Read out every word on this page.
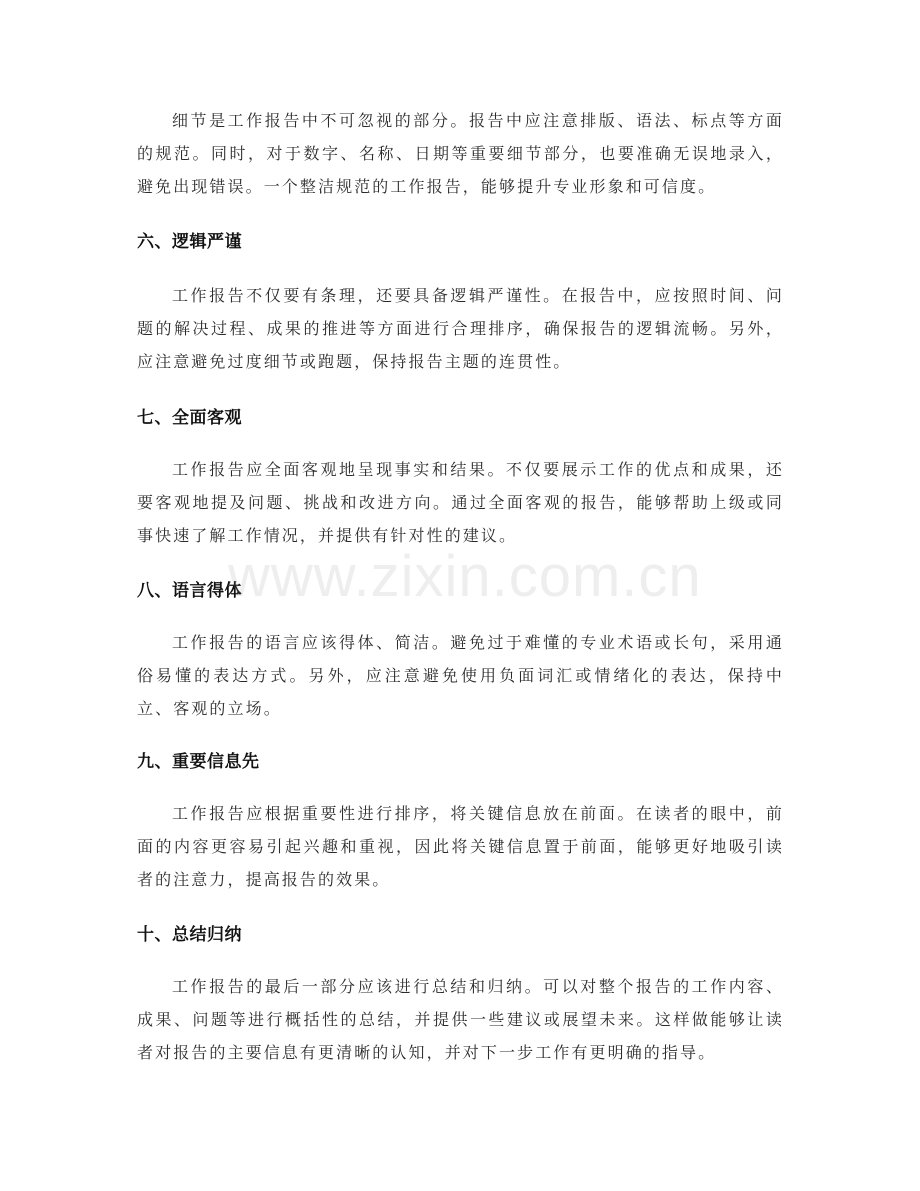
细节是工作报告中不可忽视的部分。报告中应注意排版、语法、标点等方面的规范。同时，对于数字、名称、日期等重要细节部分，也要准确无误地录入，避免出现错误。一个整洁规范的工作报告，能够提升专业形象和可信度。

六、逻辑严谨

工作报告不仅要有条理，还要具备逻辑严谨性。在报告中，应按照时间、问题的解决过程、成果的推进等方面进行合理排序，确保报告的逻辑流畅。另外，应注意避免过度细节或跑题，保持报告主题的连贯性。

七、全面客观

工作报告应全面客观地呈现事实和结果。不仅要展示工作的优点和成果，还要客观地提及问题、挑战和改进方向。通过全面客观的报告，能够帮助上级或同事快速了解工作情况，并提供有针对性的建议。

八、语言得体

工作报告的语言应该得体、简洁。避免过于难懂的专业术语或长句，采用通俗易懂的表达方式。另外，应注意避免使用负面词汇或情绪化的表达，保持中立、客观的立场。

九、重要信息先

工作报告应根据重要性进行排序，将关键信息放在前面。在读者的眼中，前面的内容更容易引起兴趣和重视，因此将关键信息置于前面，能够更好地吸引读者的注意力，提高报告的效果。

十、总结归纳

工作报告的最后一部分应该进行总结和归纳。可以对整个报告的工作内容、成果、问题等进行概括性的总结，并提供一些建议或展望未来。这样做能够让读者对报告的主要信息有更清晰的认知，并对下一步工作有更明确的指导。

www.zixin.com.cn
